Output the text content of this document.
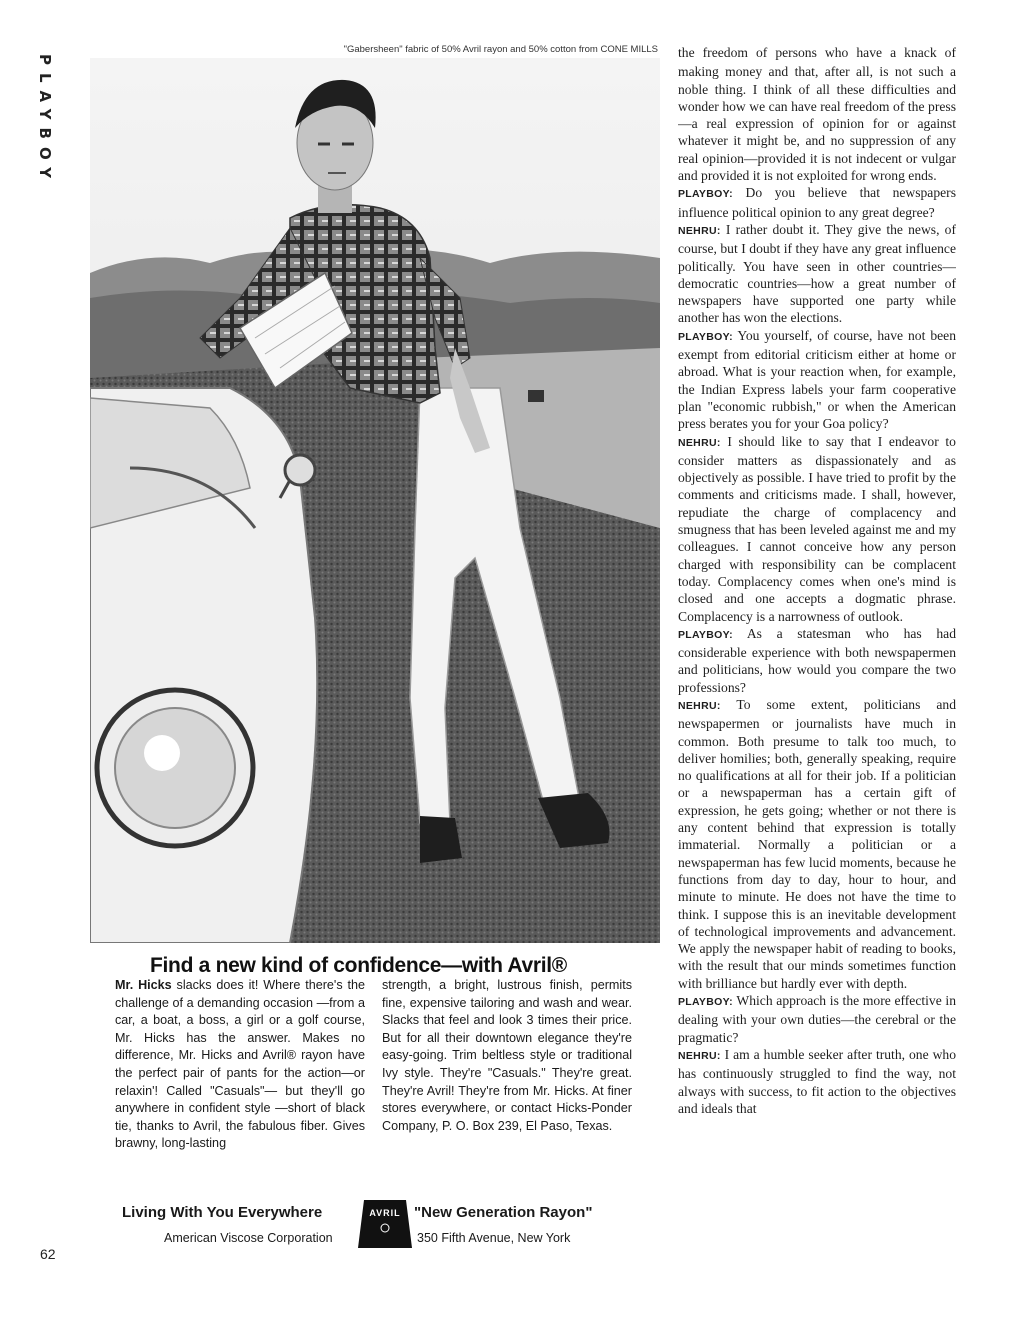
PLAYBOY
"Gabersheen" fabric of 50% Avril rayon and 50% cotton from CONE MILLS
Find a new kind of confidence—with Avril®

Mr. Hicks slacks does it! Where there's the challenge of a demanding occasion —from a car, a boat, a boss, a girl or a golf course, Mr. Hicks has the answer. Makes no difference, Mr. Hicks and Avril® rayon have the perfect pair of pants for the action—or relaxin'! Called "Casuals"— but they'll go anywhere in confident style —short of black tie, thanks to Avril, the fabulous fiber. Gives brawny, long-lasting

strength, a bright, lustrous finish, permits fine, expensive tailoring and wash and wear. Slacks that feel and look 3 times their price. But for all their downtown elegance they're easy-going. Trim beltless style or traditional Ivy style. They're "Casuals." They're great. They're Avril! They're from Mr. Hicks. At finer stores everywhere, or contact Hicks-Ponder Company, P. O. Box 239, El Paso, Texas.

Living With You Everywhere	AVRIL "New Generation Rayon"
American Viscose Corporation	350 Fifth Avenue, New York
62

the freedom of persons who have a knack of making money and that, after all, is not such a noble thing. I think of all these difficulties and wonder how we can have real freedom of the press—a real expression of opinion for or against whatever it might be, and no suppression of any real opinion—provided it is not indecent or vulgar and provided it is not exploited for wrong ends.

PLAYBOY: Do you believe that newspapers influence political opinion to any great degree?

NEHRU: I rather doubt it. They give the news, of course, but I doubt if they have any great influence politically. You have seen in other countries—democratic countries—how a great number of newspapers have supported one party while another has won the elections.

PLAYBOY: You yourself, of course, have not been exempt from editorial criticism either at home or abroad. What is your reaction when, for example, the Indian Express labels your farm cooperative plan "economic rubbish," or when the American press berates you for your Goa policy?

NEHRU: I should like to say that I endeavor to consider matters as dispassionately and as objectively as possible. I have tried to profit by the comments and criticisms made. I shall, however, repudiate the charge of complacency and smugness that has been leveled against me and my colleagues. I cannot conceive how any person charged with responsibility can be complacent today. Complacency comes when one's mind is closed and one accepts a dogmatic phrase. Complacency is a narrowness of outlook.

PLAYBOY: As a statesman who has had considerable experience with both newspapermen and politicians, how would you compare the two professions?

NEHRU: To some extent, politicians and newspapermen or journalists have much in common. Both presume to talk too much, to deliver homilies; both, generally speaking, require no qualifications at all for their job. If a politician or a newspaperman has a certain gift of expression, he gets going; whether or not there is any content behind that expression is totally immaterial. Normally a politician or a newspaperman has few lucid moments, because he functions from day to day, hour to hour, and minute to minute. He does not have the time to think. I suppose this is an inevitable development of technological improvements and advancement. We apply the newspaper habit of reading to books, with the result that our minds sometimes function with brilliance but hardly ever with depth.

PLAYBOY: Which approach is the more effective in dealing with your own duties—the cerebral or the pragmatic?

NEHRU: I am a humble seeker after truth, one who has continuously struggled to find the way, not always with success, to fit action to the objectives and ideals that
